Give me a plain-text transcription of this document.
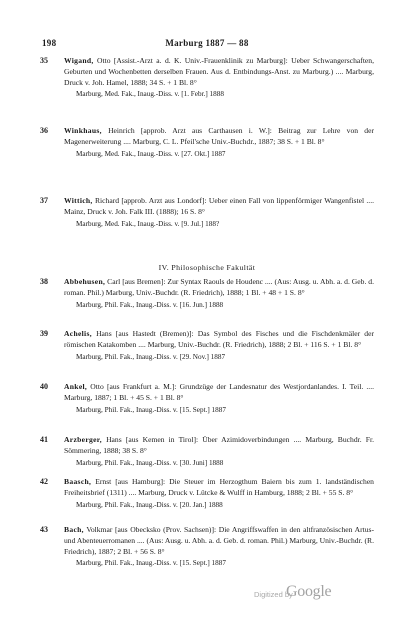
198	Marburg 1887 — 88
35	Wigand, Otto [Assist.-Arzt a. d. K. Univ.-Frauenklinik zu Marburg]: Ueber Schwangerschaften, Geburten und Wochenbetten derselben Frauen. Aus d. Entbindungs-Anst. zu Marburg.) .... Marburg, Druck v. Joh. Hamel, 1888; 34 S. + 1 Bl. 8°

Marburg, Med. Fak., Inaug.-Diss. v. [1. Febr.] 1888

36	Winkhaus, Heinrich [approb. Arzt aus Carthausen i. W.]: Beitrag zur Lehre von der Magenerweiterung .... Marburg, C. L. Pfeil'sche Univ.-Buchdr., 1887; 38 S. + 1 Bl. 8°

Marburg, Med. Fak., Inaug.-Diss. v. [27. Okt.] 1887

37	Wittich, Richard [approb. Arzt aus Londorf]: Ueber einen Fall von lippenförmiger Wangenfistel .... Mainz, Druck v. Joh. Falk III. (1888); 16 S. 8°

Marburg, Med. Fak., Inaug.-Diss. v. [9. Jul.] 188?

IV. Philosophische Fakultät
38	Abbehusen, Carl [aus Bremen]: Zur Syntax Raouls de Houdenc .... (Aus: Ausg. u. Abh. a. d. Geb. d. roman. Phil.) Marburg, Univ.-Buchdr. (R. Friedrich), 1888; 1 Bl. + 48 + 1 S. 8°

Marburg, Phil. Fak., Inaug.-Diss. v. [16. Jun.] 1888

39	Achelis, Hans [aus Hastedt (Bremen)]: Das Symbol des Fisches und die Fischdenkmäler der römischen Katakomben .... Marburg, Univ.-Buchdr. (R. Friedrich), 1888; 2 Bl. + 116 S. + 1 Bl. 8°

Marburg, Phil. Fak., Inaug.-Diss. v. [29. Nov.] 1887

40	Ankel, Otto [aus Frankfurt a. M.]: Grundzüge der Landesnatur des Westjordanlandes. I. Teil. .... Marburg, 1887; 1 Bl. + 45 S. + 1 Bl. 8°

Marburg, Phil. Fak., Inaug.-Diss. v. [15. Sept.] 1887

41	Arzberger, Hans [aus Kemen in Tirol]: Über Azimidoverbindungen .... Marburg, Buchdr. Fr. Sömmering, 1888; 38 S. 8°

Marburg, Phil. Fak., Inaug.-Diss. v. [30. Juni] 1888

42	Baasch, Ernst [aus Hamburg]: Die Steuer im Herzogthum Baiern bis zum 1. landständischen Freiheitsbrief (1311) .... Marburg, Druck v. Lütcke & Wulff in Hamburg, 1888; 2 Bl. + 55 S. 8°

Marburg, Phil. Fak., Inaug.-Diss. v. [20. Jan.] 1888

43	Bach, Volkmar [aus Obecksko (Prov. Sachsen)]: Die Angriffswaffen in den altfranzösischen Artus- und Abenteuerromanen .... (Aus: Ausg. u. Abh. a. d. Geb. d. roman. Phil.) Marburg, Univ.-Buchdr. (R. Friedrich), 1887; 2 Bl. + 56 S. 8°

Marburg, Phil. Fak., Inaug.-Diss. v. [15. Sept.] 1887

Digitized by
Google
